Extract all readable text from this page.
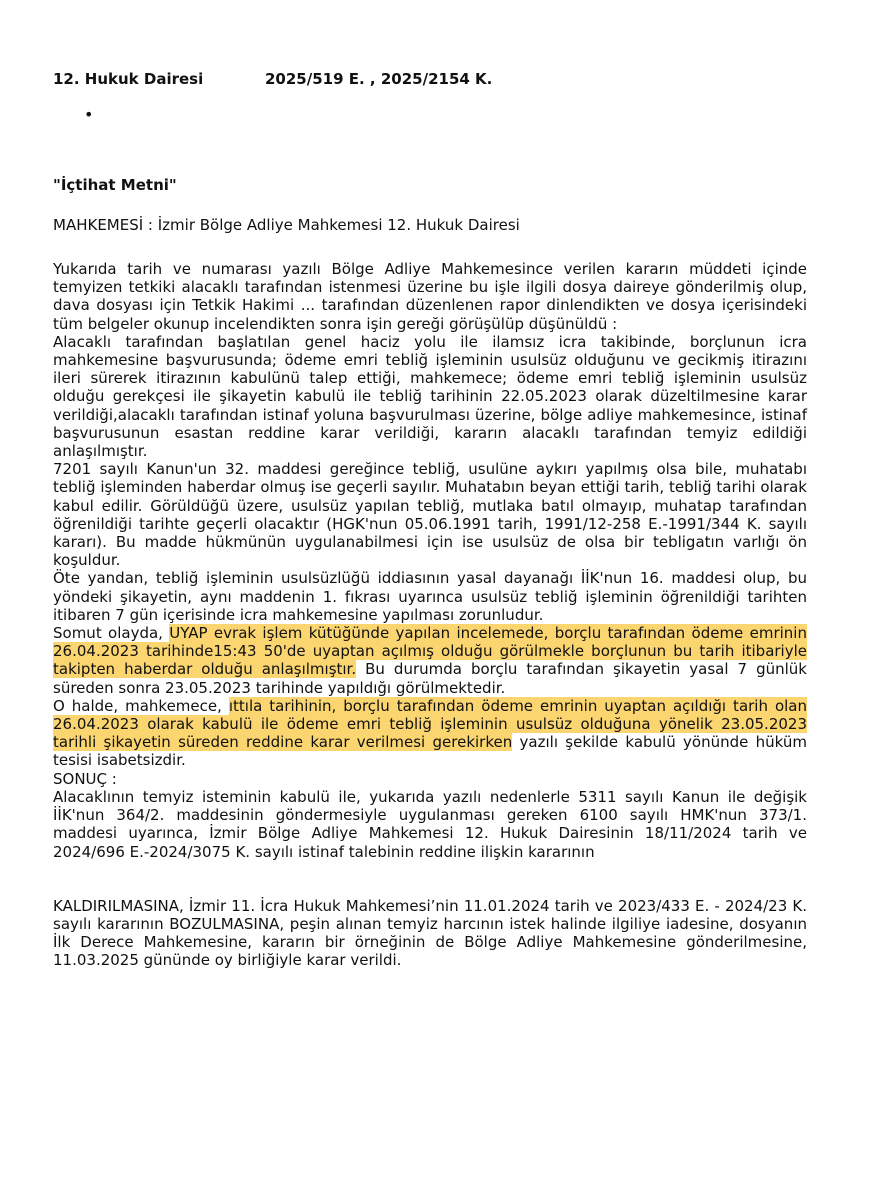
12. Hukuk Dairesi	2025/519 E. , 2025/2154 K.
•
"İçtihat Metni"
MAHKEMESİ : İzmir Bölge Adliye Mahkemesi 12. Hukuk Dairesi

Yukarıda tarih ve numarası yazılı Bölge Adliye Mahkemesince verilen kararın müddeti içinde temyizen tetkiki alacaklı tarafından istenmesi üzerine bu işle ilgili dosya daireye gönderilmiş olup, dava dosyası için Tetkik Hakimi ... tarafından düzenlenen rapor dinlendikten ve dosya içerisindeki tüm belgeler okunup incelendikten sonra işin gereği görüşülüp düşünüldü :

Alacaklı tarafından başlatılan genel haciz yolu ile ilamsız icra takibinde, borçlunun icra mahkemesine başvurusunda; ödeme emri tebliğ işleminin usulsüz olduğunu ve gecikmiş itirazını ileri sürerek itirazının kabulünü talep ettiği, mahkemece; ödeme emri tebliğ işleminin usulsüz olduğu gerekçesi ile şikayetin kabulü ile tebliğ tarihinin 22.05.2023 olarak düzeltilmesine karar verildiği,alacaklı tarafından istinaf yoluna başvurulması üzerine, bölge adliye mahkemesince, istinaf başvurusunun esastan reddine karar verildiği, kararın alacaklı tarafından temyiz edildiği anlaşılmıştır.

7201 sayılı Kanun'un 32. maddesi gereğince tebliğ, usulüne aykırı yapılmış olsa bile, muhatabı tebliğ işleminden haberdar olmuş ise geçerli sayılır. Muhatabın beyan ettiği tarih, tebliğ tarihi olarak kabul edilir. Görüldüğü üzere, usulsüz yapılan tebliğ, mutlaka batıl olmayıp, muhatap tarafından öğrenildiği tarihte geçerli olacaktır (HGK'nun 05.06.1991 tarih, 1991/12-258 E.-1991/344 K. sayılı kararı). Bu madde hükmünün uygulanabilmesi için ise usulsüz de olsa bir tebligatın varlığı ön koşuldur.

Öte yandan, tebliğ işleminin usulsüzlüğü iddiasının yasal dayanağı İİK'nun 16. maddesi olup, bu yöndeki şikayetin, aynı maddenin 1. fıkrası uyarınca usulsüz tebliğ işleminin öğrenildiği tarihten itibaren 7 gün içerisinde icra mahkemesine yapılması zorunludur.

Somut olayda, UYAP evrak işlem kütüğünde yapılan incelemede, borçlu tarafından ödeme emrinin 26.04.2023 tarihinde15:43 50'de uyaptan açılmış olduğu görülmekle borçlunun bu tarih itibariyle takipten haberdar olduğu anlaşılmıştır. Bu durumda borçlu tarafından şikayetin yasal 7 günlük süreden sonra 23.05.2023 tarihinde yapıldığı görülmektedir.

O halde, mahkemece, ıttıla tarihinin, borçlu tarafından ödeme emrinin uyaptan açıldığı tarih olan 26.04.2023 olarak kabulü ile ödeme emri tebliğ işleminin usulsüz olduğuna yönelik 23.05.2023 tarihli şikayetin süreden reddine karar verilmesi gerekirken yazılı şekilde kabulü yönünde hüküm tesisi isabetsizdir.

SONUÇ :

Alacaklının temyiz isteminin kabulü ile, yukarıda yazılı nedenlerle 5311 sayılı Kanun ile değişik İİK'nun 364/2. maddesinin göndermesiyle uygulanması gereken 6100 sayılı HMK'nun 373/1. maddesi uyarınca, İzmir Bölge Adliye Mahkemesi 12. Hukuk Dairesinin 18/11/2024 tarih ve 2024/696 E.-2024/3075 K. sayılı istinaf talebinin reddine ilişkin kararının

KALDIRILMASINA, İzmir 11. İcra Hukuk Mahkemesi’nin 11.01.2024 tarih ve 2023/433 E. - 2024/23 K. sayılı kararının BOZULMASINA, peşin alınan temyiz harcının istek halinde ilgiliye iadesine, dosyanın İlk Derece Mahkemesine, kararın bir örneğinin de Bölge Adliye Mahkemesine gönderilmesine, 11.03.2025 gününde oy birliğiyle karar verildi.
